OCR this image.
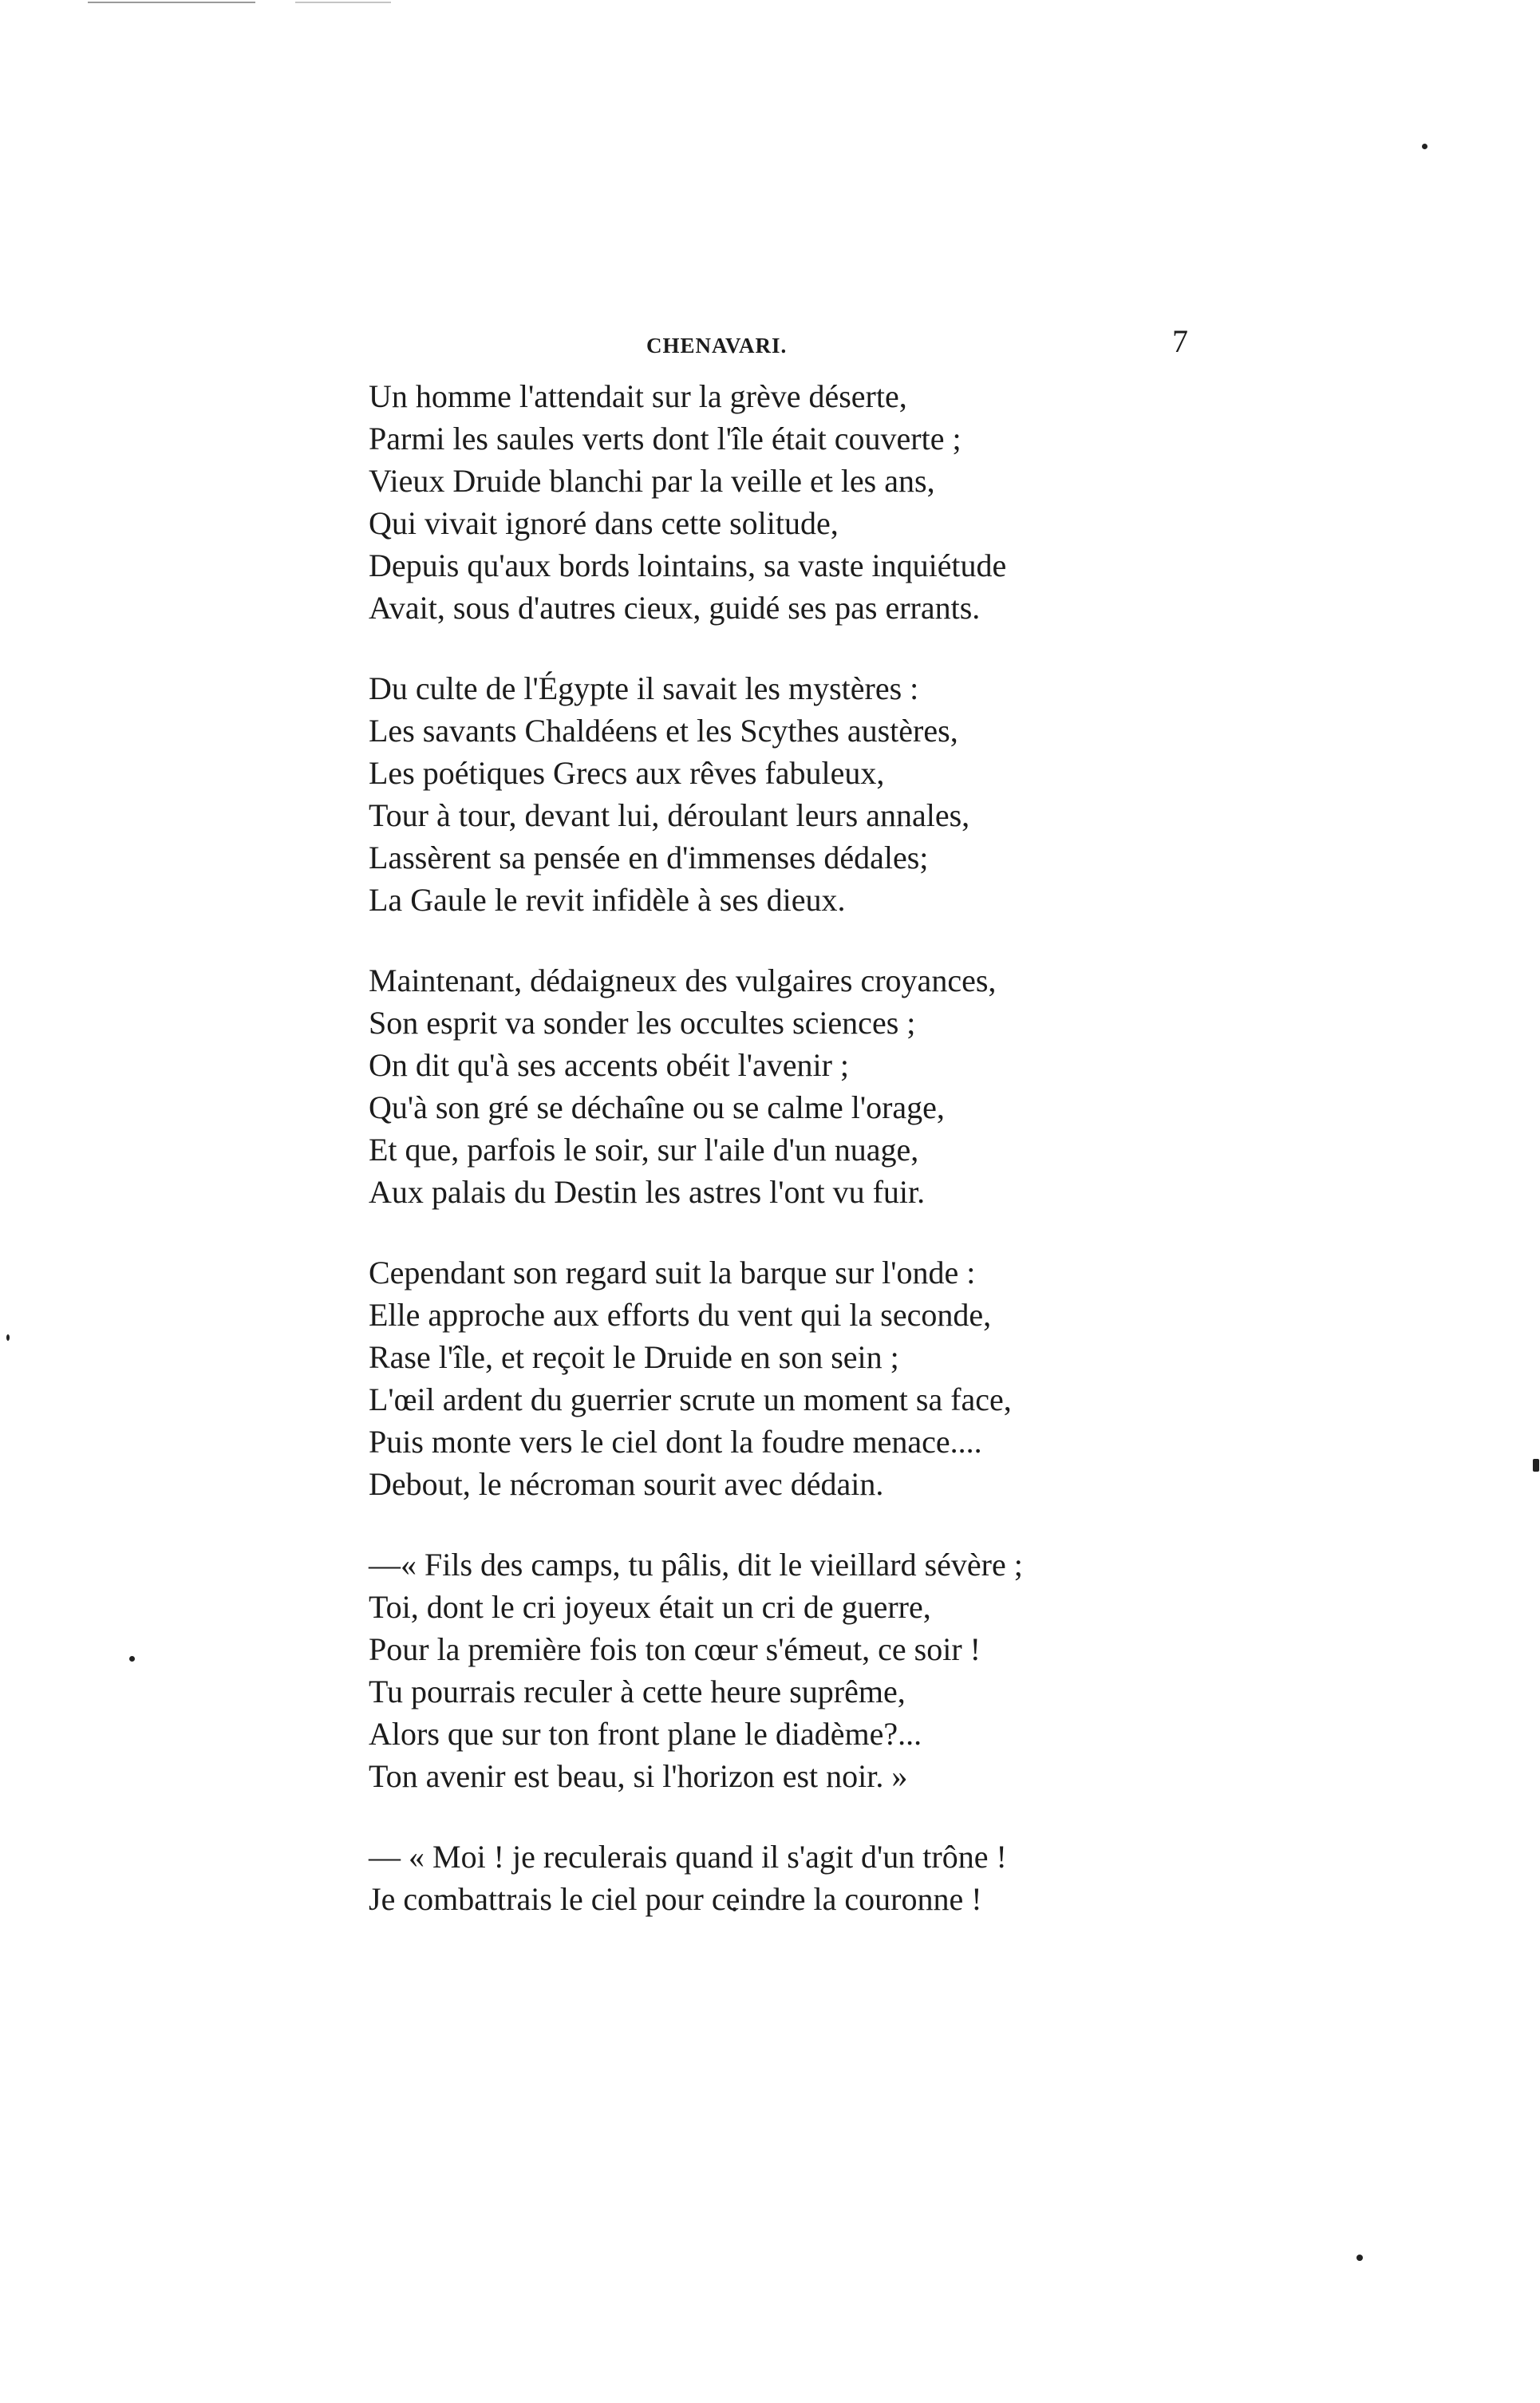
CHENAVARI.	7
Un homme l'attendait sur la grève déserte,
Parmi les saules verts dont l'île était couverte ;
Vieux Druide blanchi par la veille et les ans,
Qui vivait ignoré dans cette solitude,
Depuis qu'aux bords lointains, sa vaste inquiétude
Avait, sous d'autres cieux, guidé ses pas errants.
Du culte de l'Égypte il savait les mystères :
Les savants Chaldéens et les Scythes austères,
Les poétiques Grecs aux rêves fabuleux,
Tour à tour, devant lui, déroulant leurs annales,
Lassèrent sa pensée en d'immenses dédales;
La Gaule le revit infidèle à ses dieux.
Maintenant, dédaigneux des vulgaires croyances,
Son esprit va sonder les occultes sciences ;
On dit qu'à ses accents obéit l'avenir ;
Qu'à son gré se déchaîne ou se calme l'orage,
Et que, parfois le soir, sur l'aile d'un nuage,
Aux palais du Destin les astres l'ont vu fuir.
Cependant son regard suit la barque sur l'onde :
Elle approche aux efforts du vent qui la seconde,
Rase l'île, et reçoit le Druide en son sein ;
L'œil ardent du guerrier scrute un moment sa face,
Puis monte vers le ciel dont la foudre menace....
Debout, le nécroman sourit avec dédain.
—« Fils des camps, tu pâlis, dit le vieillard sévère ;
Toi, dont le cri joyeux était un cri de guerre,
Pour la première fois ton cœur s'émeut, ce soir !
Tu pourrais reculer à cette heure suprême,
Alors que sur ton front plane le diadème?...
Ton avenir est beau, si l'horizon est noir. »
— « Moi ! je reculerais quand il s'agit d'un trône !
Je combattrais le ciel pour ceindre la couronne !
